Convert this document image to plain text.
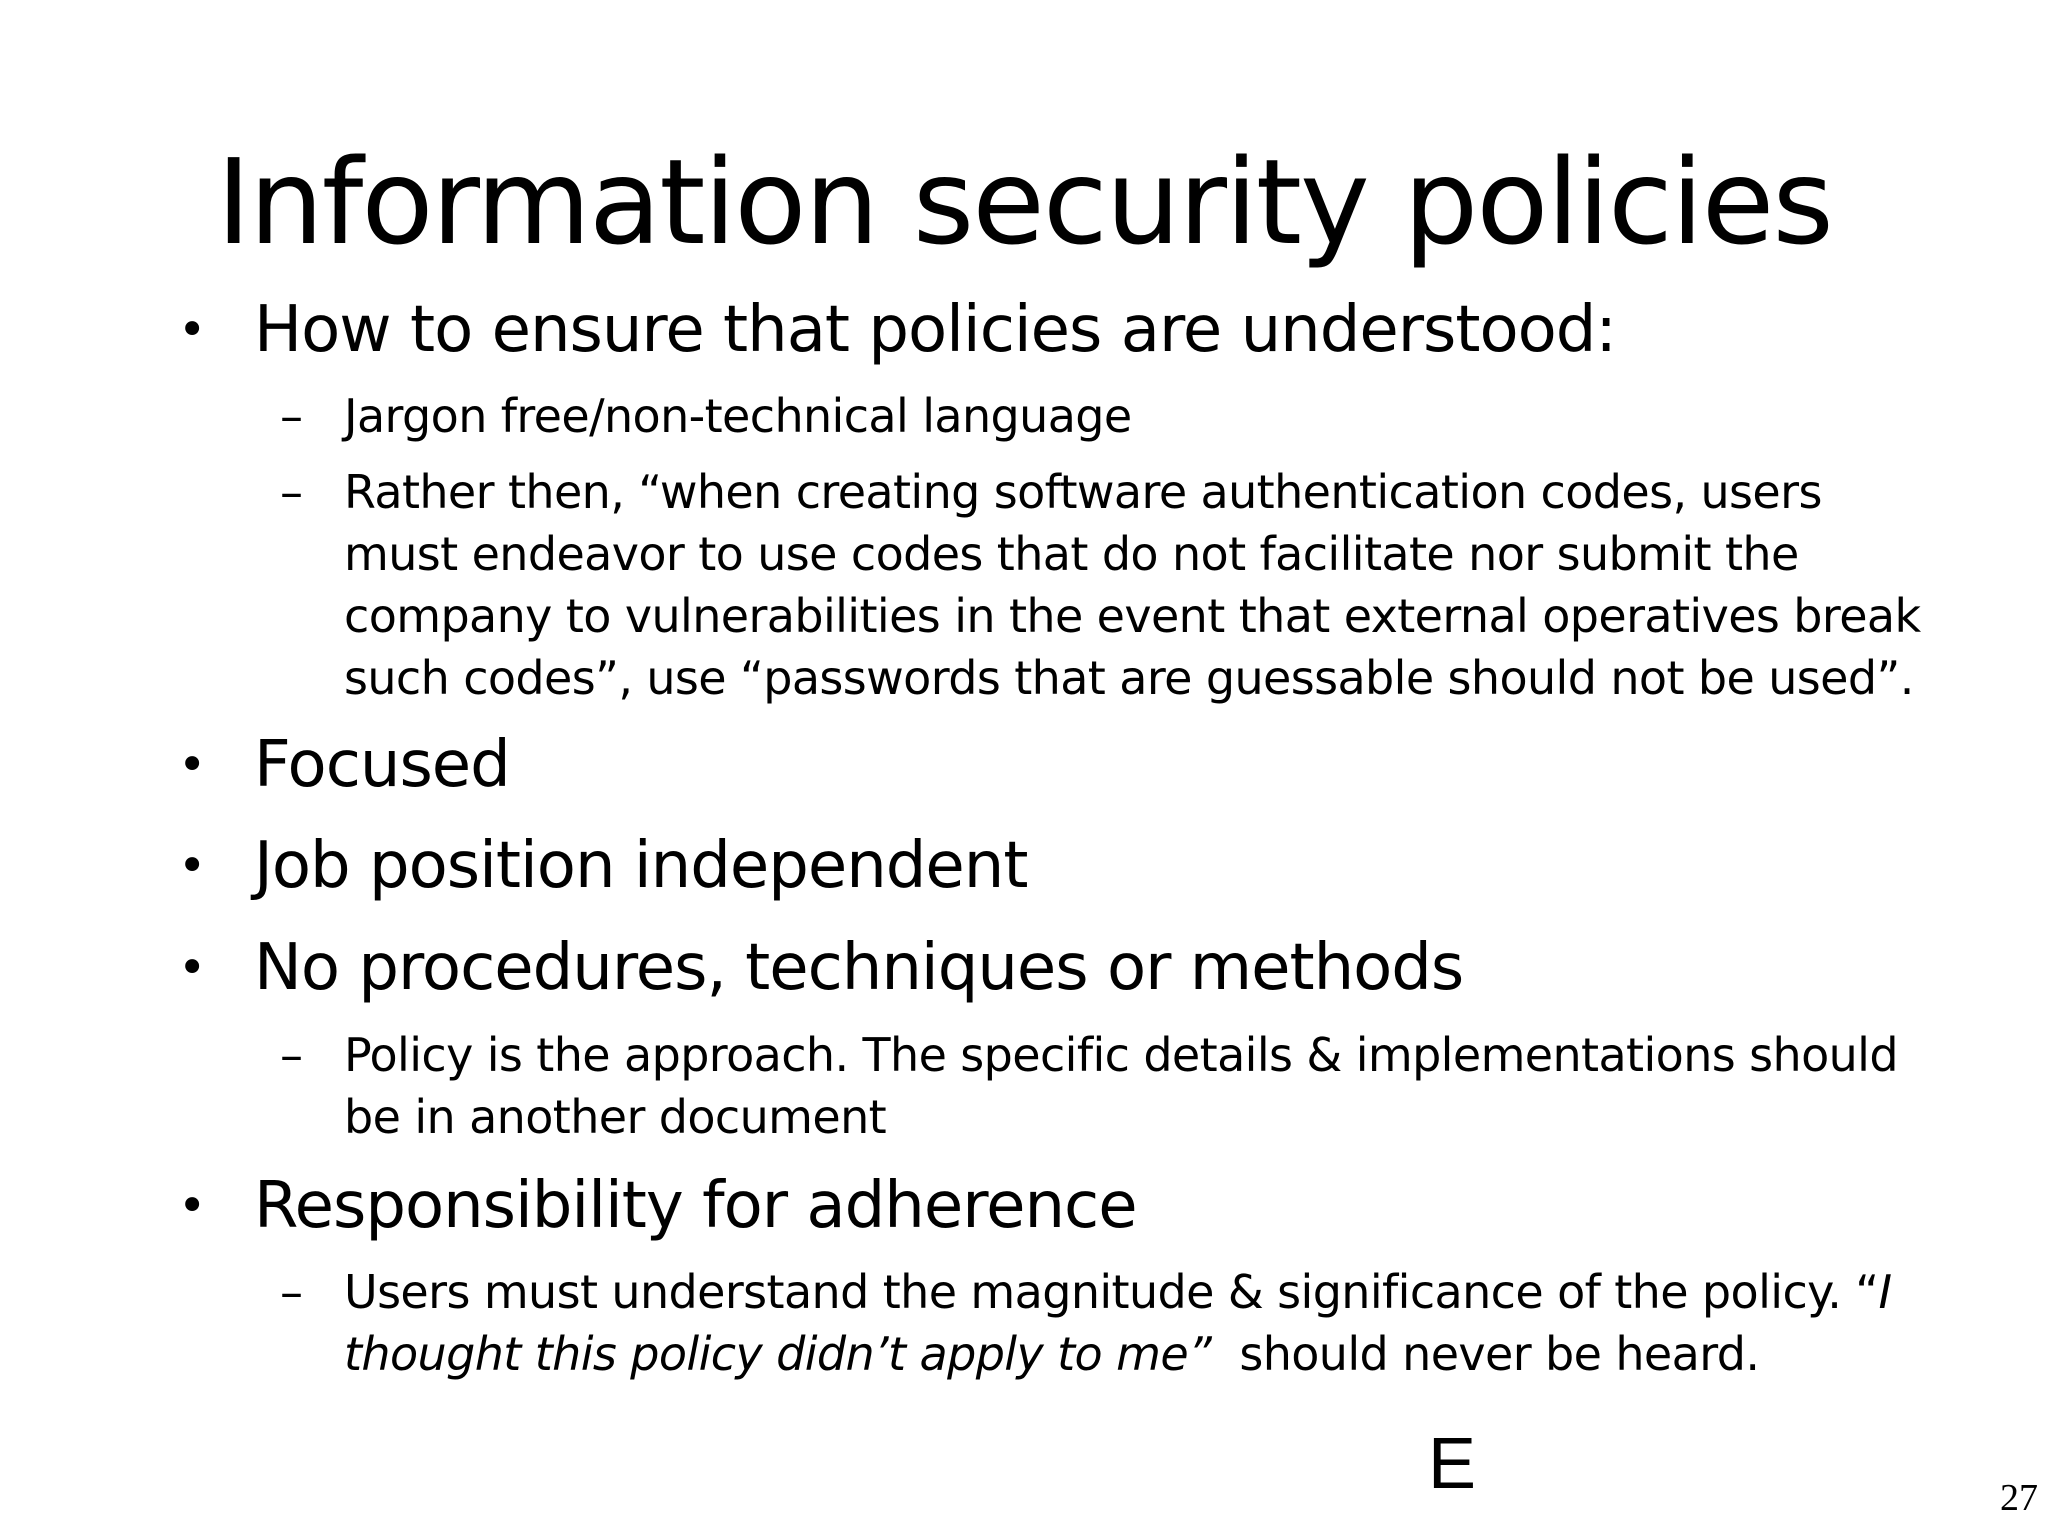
Information security policies
• How to ensure that policies are understood:
– Jargon free/non-technical language
– Rather then, “when creating software authentication codes, users
must endeavor to use codes that do not facilitate nor submit the
company to vulnerabilities in the event that external operatives break
such codes”, use “passwords that are guessable should not be used”.
• Focused
• Job position independent
• No procedures, techniques or methods
– Policy is the approach. The specific details & implementations should
be in another document
• Responsibility for adherence
– Users must understand the magnitude & significance of the policy. “I
thought this policy didn’t apply to me”  should never be heard.
E	27
